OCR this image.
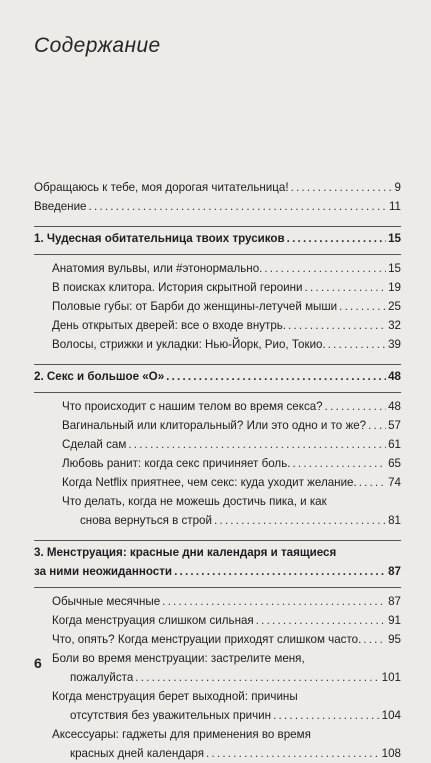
Содержание
Обращаюсь к тебе, моя дорогая читательница! . . .	9
Введение . . .	11
1. Чудесная обитательница твоих трусиков . . .	15
Анатомия вульвы, или #этонормально. . . .	15
В поисках клитора. История скрытной героини . . .	19
Половые губы: от Барби до женщины-летучей мыши . . .	25
День открытых дверей: все о входе внутрь. . . .	32
Волосы, стрижки и укладки: Нью-Йорк, Рио, Токио. . . .	39
2. Секс и большое «О» . . .	48
Что происходит с нашим телом во время секса? . . .	48
Вагинальный или клиторальный? Или это одно и то же? . . . 57
Сделай сам . . .	61
Любовь ранит: когда секс причиняет боль. . . .	65
Когда Netflix приятнее, чем секс: куда уходит желание. . . .	74
Что делать, когда не можешь достичь пика, и как
снова вернуться в строй . . .	81
3. Менструация: красные дни календаря и таящиеся
за ними неожиданности . . .	87
Обычные месячные . . .	87
Когда менструация слишком сильная . . .	91
Что, опять? Когда менструации приходят слишком часто. . . . 95
Боли во время менструации: застрелите меня,
пожалуйста . . .	101
Когда менструация берет выходной: причины
отсутствия без уважительных причин . . .	104
Аксессуары: гаджеты для применения во время
красных дней календаря . . .	108
6
